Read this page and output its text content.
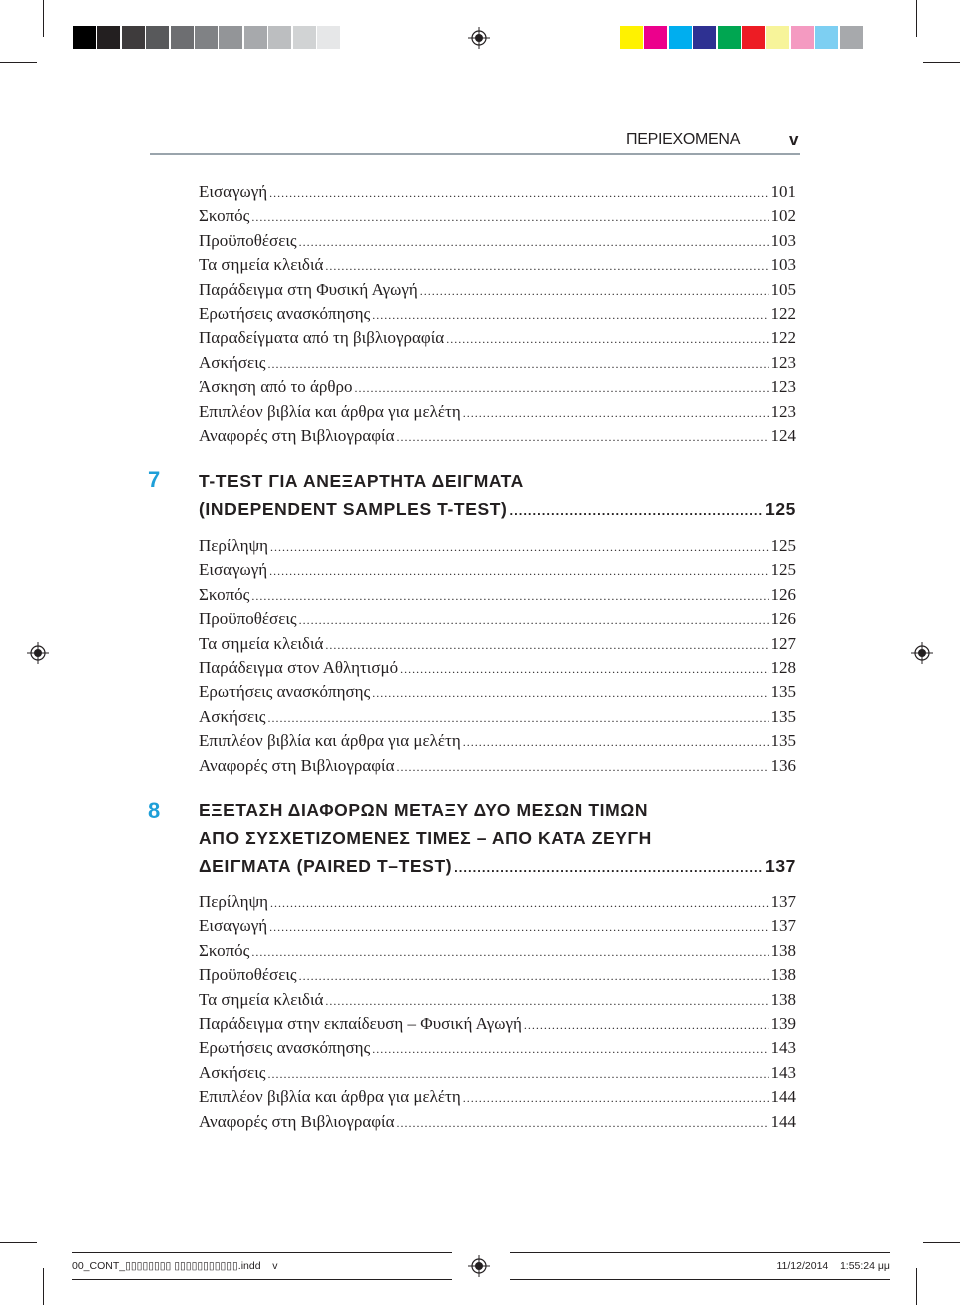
ΠΕΡΙΕΧΟΜΕΝΑ	v
Εισαγωγή .....	101
Σκοπός .....	102
Προϋποθέσεις .....	103
Τα σημεία κλειδιά .....	103
Παράδειγμα στη Φυσική Αγωγή .....	105
Ερωτήσεις ανασκόπησης .....	122
Παραδείγματα από τη βιβλιογραφία .....	122
Ασκήσεις .....	123
Άσκηση από το άρθρο .....	123
Επιπλέον βιβλία και άρθρα για μελέτη .....	123
Αναφορές στη Βιβλιογραφία .....	124
7 T-TEST ΓΙΑ ΑΝΕΞΑΡΤΗΤΑ ΔΕΙΓΜΑΤΑ
(INDEPENDENT SAMPLES T-TEST) .....	125
Περίληψη .....	125
Εισαγωγή .....	125
Σκοπός .....	126
Προϋποθέσεις .....	126
Τα σημεία κλειδιά .....	127
Παράδειγμα στον Αθλητισμό .....	128
Ερωτήσεις ανασκόπησης .....	135
Ασκήσεις .....	135
Επιπλέον βιβλία και άρθρα για μελέτη .....	135
Αναφορές στη Βιβλιογραφία .....	136
8 ΕΞΕΤΑΣΗ ΔΙΑΦΟΡΩΝ ΜΕΤΑΞΥ ΔΥΟ ΜΕΣΩΝ ΤΙΜΩΝ
ΑΠΟ ΣΥΣΧΕΤΙΖΟΜΕΝΕΣ ΤΙΜΕΣ – ΑΠΟ ΚΑΤΑ ΖΕΥΓΗ
ΔΕΙΓΜΑΤΑ (PAIRED T–TEST) .....	137
Περίληψη .....	137
Εισαγωγή .....	137
Σκοπός .....	138
Προϋποθέσεις .....	138
Τα σημεία κλειδιά .....	138
Παράδειγμα στην εκπαίδευση – Φυσική Αγωγή .....	139
Ερωτήσεις ανασκόπησης .....	143
Ασκήσεις .....	143
Επιπλέον βιβλία και άρθρα για μελέτη .....	144
Αναφορές στη Βιβλιογραφία .....	144
00_CONT_▯▯▯▯▯▯▯▯ ▯▯▯▯▯▯▯▯▯▯▯.indd v	11/12/2014 1:55:24 μμ
